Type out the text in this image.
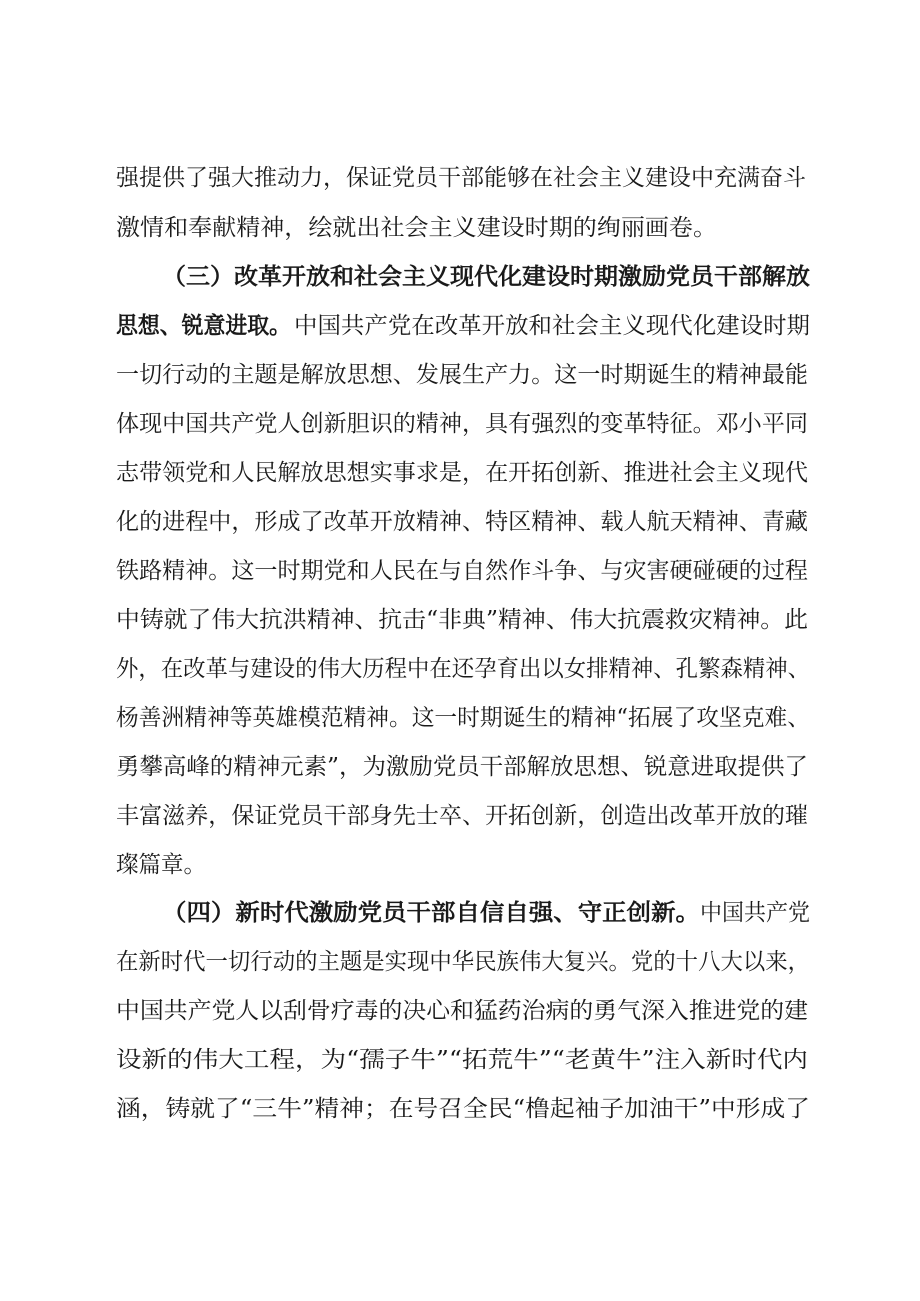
强提供了强大推动力，保证党员干部能够在社会主义建设中充满奋斗
激情和奉献精神，绘就出社会主义建设时期的绚丽画卷。
（三）改革开放和社会主义现代化建设时期激励党员干部解放
思想、锐意进取。 中国共产党在改革开放和社会主义现代化建设时期
一切行动的主题是解放思想、发展生产力。这一时期诞生的精神最能
体现中国共产党人创新胆识的精神，具有强烈的变革特征。邓小平同
志带领党和人民解放思想实事求是，在开拓创新、推进社会主义现代
化的进程中，形成了改革开放精神、特区精神、载人航天精神、青藏
铁路精神。这一时期党和人民在与自然作斗争、与灾害硬碰硬的过程
中铸就了伟大抗洪精神、抗击“非典”精神、伟大抗震救灾精神。此
外，在改革与建设的伟大历程中在还孕育出以女排精神、孔繁森精神、
杨善洲精神等英雄模范精神。这一时期诞生的精神“拓展了攻坚克难、
勇攀高峰的精神元素”，为激励党员干部解放思想、锐意进取提供了
丰富滋养，保证党员干部身先士卒、开拓创新，创造出改革开放的璀
璨篇章。
（四）新时代激励党员干部自信自强、守正创新。 中国共产党
在新时代一切行动的主题是实现中华民族伟大复兴。党的十八大以来，
中国共产党人以刮骨疗毒的决心和猛药治病的勇气深入推进党的建
设新的伟大工程，为“孺子牛”“拓荒牛”“老黄牛”注入新时代内
涵，铸就了“三牛”精神；在号召全民“橹起袖子加油干”中形成了
